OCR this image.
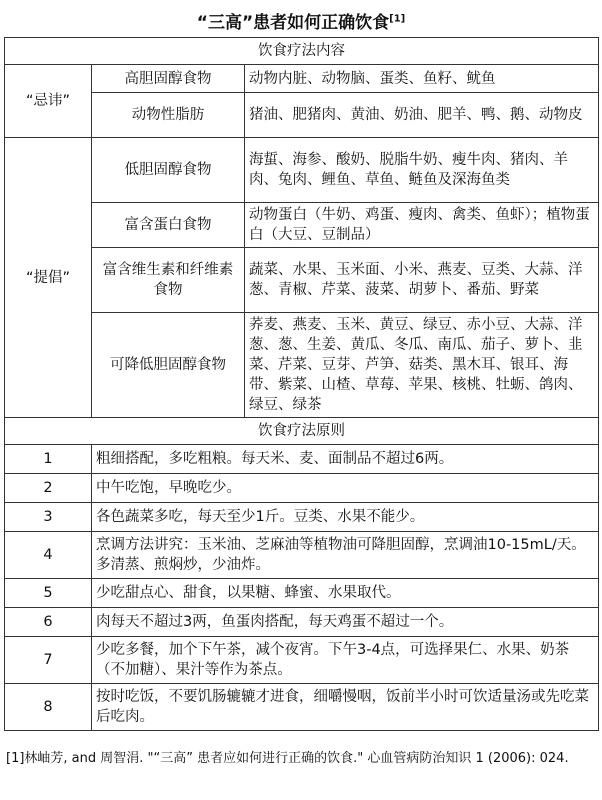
“三高”患者如何正确饮食[1]
饮食疗法内容		
“忌讳”	高胆固醇食物	动物内脏、动物脑、蛋类、鱼籽、鱿鱼
	动物性脂肪	猪油、肥猪肉、黄油、奶油、肥羊、鸭、鹅、动物皮
“提倡”	低胆固醇食物	海蜇、海参、酸奶、脱脂牛奶、瘦牛肉、猪肉、羊肉、兔肉、鲤鱼、草鱼、鲢鱼及深海鱼类
	富含蛋白食物	动物蛋白（牛奶、鸡蛋、瘦肉、禽类、鱼虾）；植物蛋白（大豆、豆制品）
	富含维生素和纤维素食物	蔬菜、水果、玉米面、小米、燕麦、豆类、大蒜、洋葱、青椒、芹菜、菠菜、胡萝卜、番茄、野菜
	可降低胆固醇食物	荞麦、燕麦、玉米、黄豆、绿豆、赤小豆、大蒜、洋葱、葱、生姜、黄瓜、冬瓜、南瓜、茄子、萝卜、韭菜、芹菜、豆芽、芦笋、菇类、黑木耳、银耳、海带、紫菜、山楂、草莓、苹果、核桃、牡蛎、鸽肉、绿豆、绿茶
饮食疗法原则		
1	粗细搭配，多吃粗粮。每天米、麦、面制品不超过6两。	
2	中午吃饱，早晚吃少。	
3	各色蔬菜多吃，每天至少1斤。豆类、水果不能少。	
4	烹调方法讲究：玉米油、芝麻油等植物油可降胆固醇，烹调油10-15mL/天。多清蒸、煎焖炒，少油炸。	
5	少吃甜点心、甜食，以果糖、蜂蜜、水果取代。	
6	肉每天不超过3两，鱼蛋肉搭配，每天鸡蛋不超过一个。	
7	少吃多餐，加个下午茶，减个夜宵。下午3-4点，可选择果仁、水果、奶茶（不加糖）、果汁等作为茶点。	
8	按时吃饭，不要饥肠辘辘才进食，细嚼慢咽，饭前半小时可饮适量汤或先吃菜后吃肉。	
[1]林岫芳, and 周智涓. "“三高” 患者应如何进行正确的饮食." 心血管病防治知识 1 (2006): 024.
